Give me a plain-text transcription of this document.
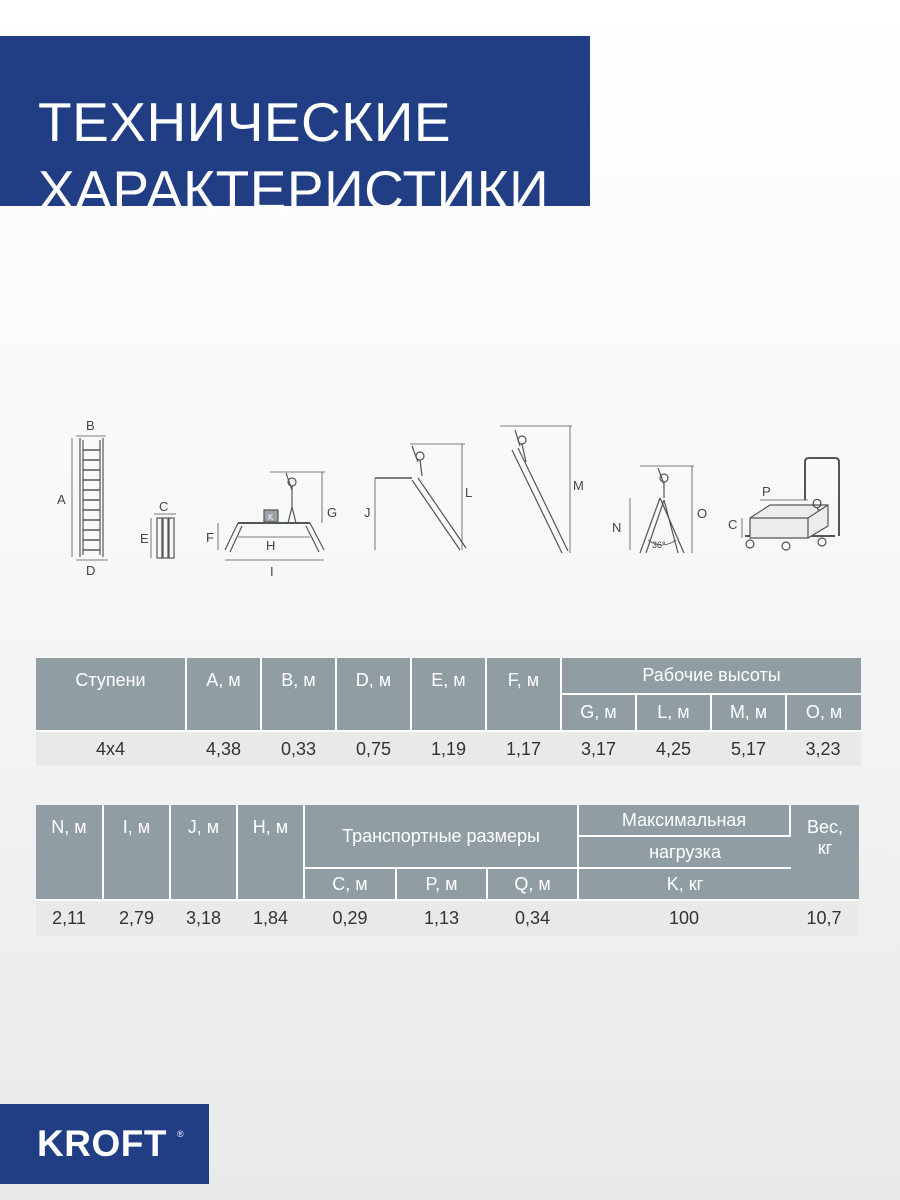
ТЕХНИЧЕСКИЕ
ХАРАКТЕРИСТИКИ
B
A
D
C
E	F
H
I
G
K	J
L	M
N
O
36°
P
Q
C
Ступени	A, м	B, м	D, м	E, м	F, м	Рабочие высоты			
						G, м	L, м	M, м	O, м
4x4	4,38	0,33	0,75	1,19	1,17	3,17	4,25	5,17	3,23
N, м	I, м	J, м	H, м	Транспортные размеры			Максимальная	Вес,
кг
							нагрузка	
				C, м	P, м	Q, м	K, кг	
2,11	2,79	3,18	1,84	0,29	1,13	0,34	100	10,7
KROFT ®
